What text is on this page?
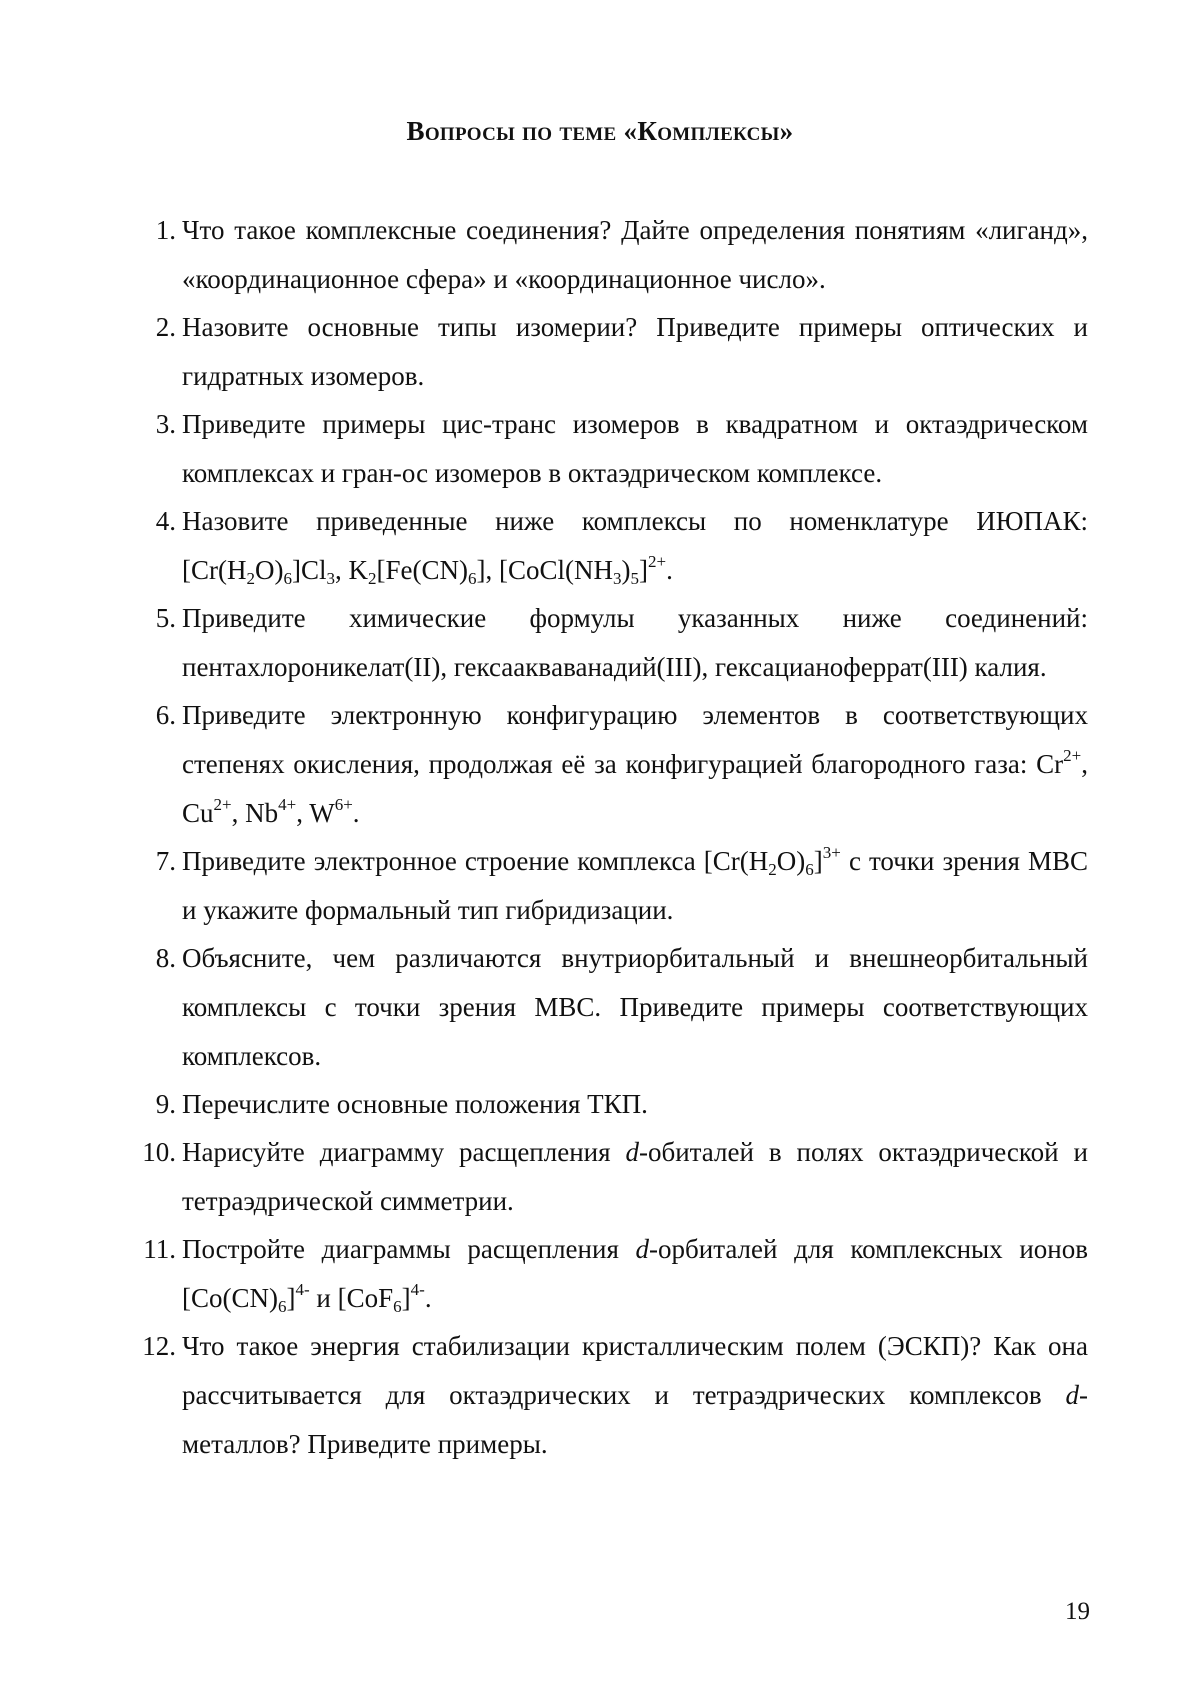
Вопросы по теме «Комплексы»
1. Что такое комплексные соединения? Дайте определения понятиям «лиганд», «координационное сфера» и «координационное число».
2. Назовите основные типы изомерии? Приведите примеры оптических и гидратных изомеров.
3. Приведите примеры цис-транс изомеров в квадратном и октаэдрическом комплексах и гран-ос изомеров в октаэдрическом комплексе.
4. Назовите приведенные ниже комплексы по номенклатуре ИЮПАК: $[Cr(H_2O)_6]Cl_3$, $K_2[Fe(CN)_6]$, $[CoCl(NH_3)_5]^{2+}$.
5. Приведите химические формулы указанных ниже соединений: пентахлороникелат(II), гексааквaванадий(III), гексацианоферрат(III) калия.
6. Приведите электронную конфигурацию элементов в соответствующих степенях окисления, продолжая её за конфигурацией благородного газа: $Cr^{2+}$, $Cu^{2+}$, $Nb^{4+}$, $W^{6+}$.
7. Приведите электронное строение комплекса $[Cr(H_2O)_6]^{3+}$ с точки зрения МВС и укажите формальный тип гибридизации.
8. Объясните, чем различаются внутриорбитальный и внешнеорбитальный комплексы с точки зрения МВС. Приведите примеры соответствующих комплексов.
9. Перечислите основные положения ТКП.
10. Нарисуйте диаграмму расщепления d-обиталей в полях октаэдрической и тетраэдрической симметрии.
11. Постройте диаграммы расщепления d-орбиталей для комплексных ионов $[Co(CN)_6]^{4-}$ и $[CoF_6]^{4-}$.
12. Что такое энергия стабилизации кристаллическим полем (ЭСКП)? Как она рассчитывается для октаэдрических и тетраэдрических комплексов d-металлов? Приведите примеры.
19
